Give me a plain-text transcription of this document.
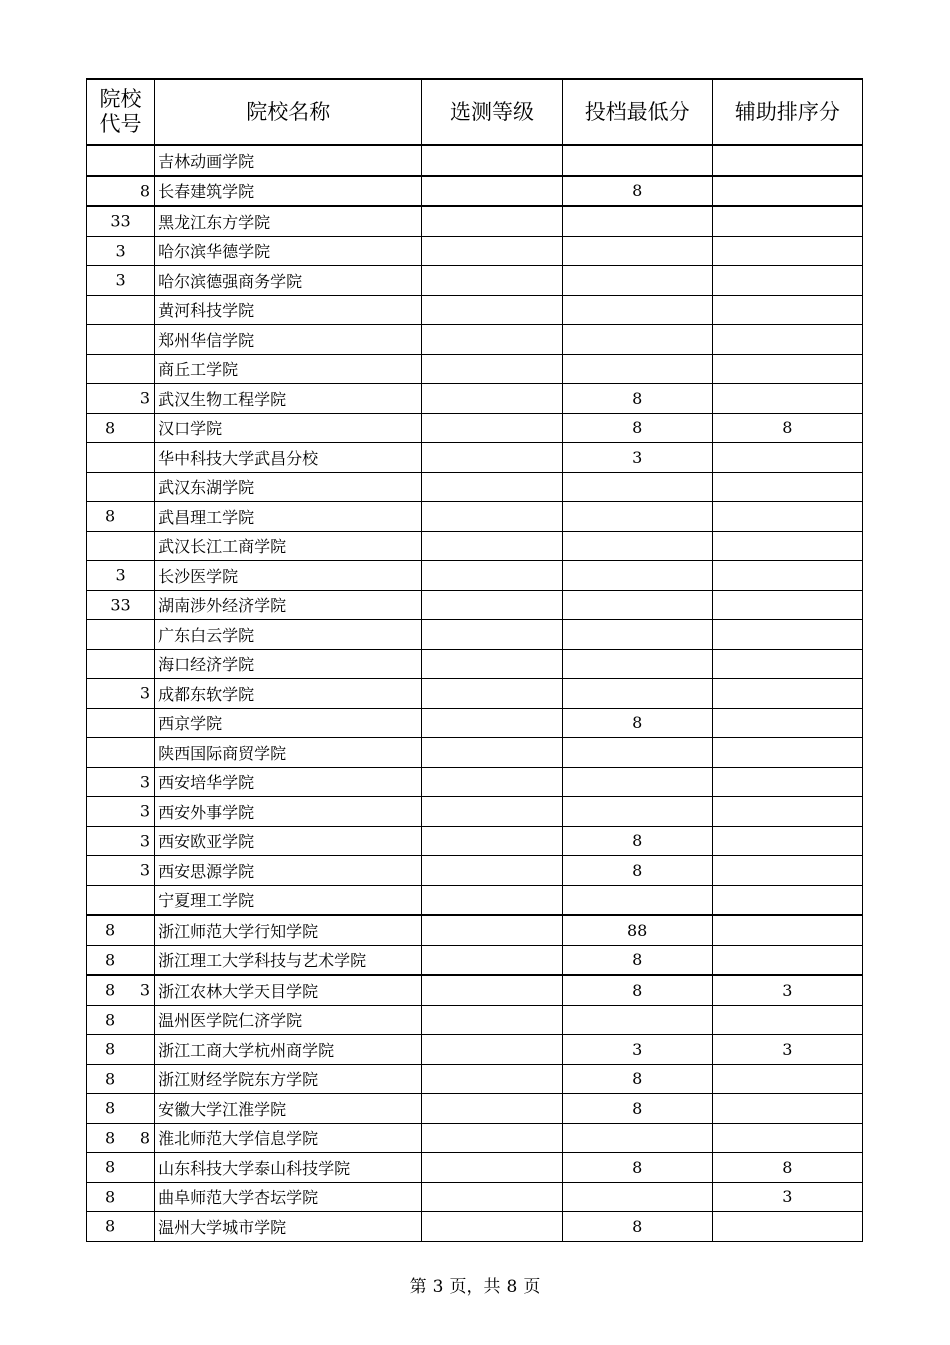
院校
代号	院校名称	选测等级	投档最低分	辅助排序分
	吉林动画学院			

8	长春建筑学院		8	

33	黑龙江东方学院			

3	哈尔滨华德学院			

3	哈尔滨德强商务学院			
	黄河科技学院			
	郑州华信学院			
	商丘工学院			

3	武汉生物工程学院		8	

8	汉口学院		8	8
	华中科技大学武昌分校		3	
	武汉东湖学院			

8	武昌理工学院			
	武汉长江工商学院			

3	长沙医学院			

33	湖南涉外经济学院			
	广东白云学院			
	海口经济学院			

3	成都东软学院			
	西京学院		8	
	陕西国际商贸学院			

3	西安培华学院			

3	西安外事学院			

3	西安欧亚学院		8	

3	西安思源学院		8	
	宁夏理工学院			

8	浙江师范大学行知学院		88	

8	浙江理工大学科技与艺术学院		8	

8 3	浙江农林大学天目学院		8	3

8	温州医学院仁济学院			

8	浙江工商大学杭州商学院		3	3

8	浙江财经学院东方学院		8	

8	安徽大学江淮学院		8	

8 8	淮北师范大学信息学院			

8	山东科技大学泰山科技学院		8	8

8	曲阜师范大学杏坛学院			3

8	温州大学城市学院		8	
第 3 页，共 8 页
